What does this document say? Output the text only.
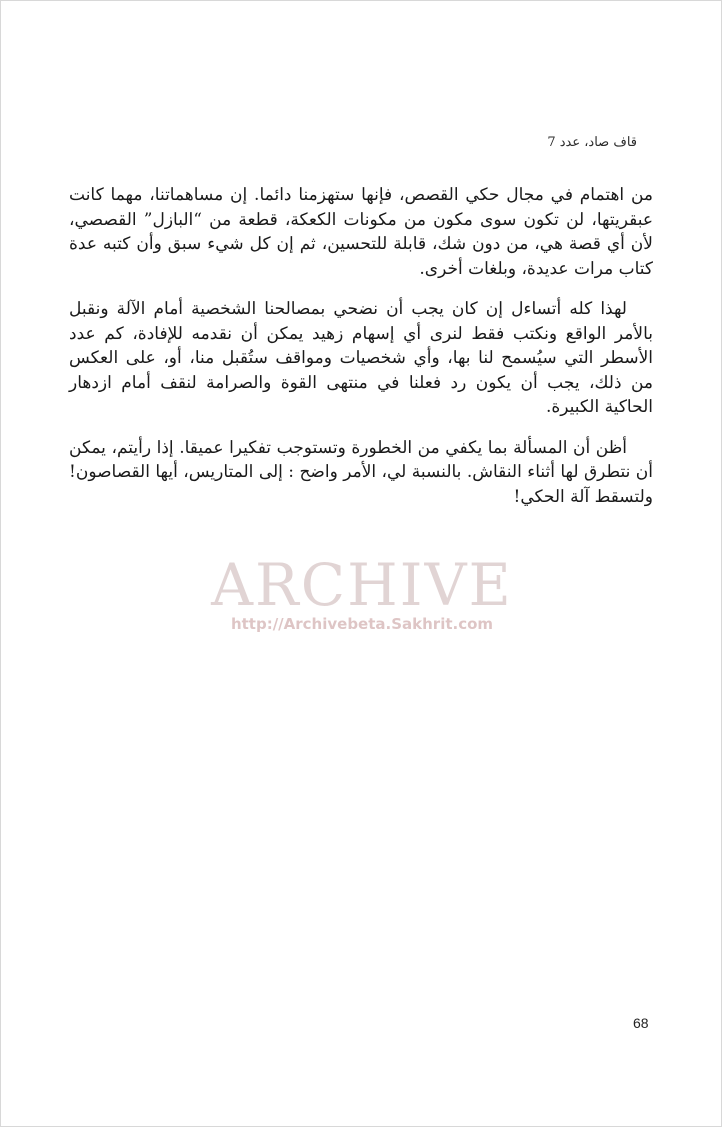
قاف صاد، عدد 7

من اهتمام في مجال حكي القصص، فإنها ستهزمنا دائما. إن مساهماتنا، مهما كانت عبقريتها، لن تكون سوى مكون من مكونات الكعكة، قطعة من “البازل” القصصي، لأن أي قصة هي، من دون شك، قابلة للتحسين، ثم إن كل شيء سبق وأن كتبه عدة كتاب مرات عديدة، وبلغات أخرى.

لهذا كله أتساءل إن كان يجب أن نضحي بمصالحنا الشخصية أمام الآلة ونقبل بالأمر الواقع ونكتب فقط لنرى أي إسهام زهيد يمكن أن نقدمه للإفادة، كم عدد الأسطر التي سيُسمح لنا بها، وأي شخصيات ومواقف ستُقبل منا، أو، على العكس من ذلك، يجب أن يكون رد فعلنا في منتهى القوة والصرامة لنقف أمام ازدهار الحاكية الكبيرة.

أظن أن المسألة بما يكفي من الخطورة وتستوجب تفكيرا عميقا. إذا رأيتم، يمكن أن نتطرق لها أثناء النقاش. بالنسبة لي، الأمر واضح : إلى المتاريس، أيها القصاصون! ولتسقط آلة الحكي!

ARCHIVE
http://Archivebeta.Sakhrit.com
68
